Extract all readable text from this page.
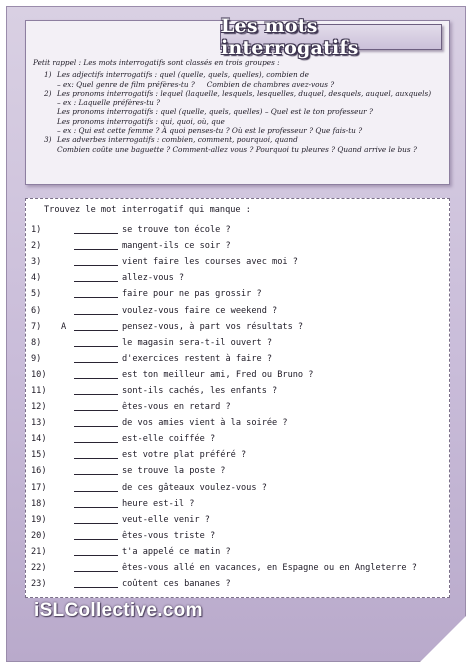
Les mots interrogatifs
Petit rappel : Les mots interrogatifs sont classés en trois groupes :
1) Les adjectifs interrogatifs : quel (quelle, quels, quelles), combien de
– ex: Quel genre de film préfères-tu ? Combien de chambres avez-vous ?
2) Les pronoms interrogatifs : lequel (laquelle, lesquels, lesquelles, duquel, desquels, auquel, auxquels)
– ex : Laquelle préfères-tu ?
Les pronoms interrogatifs : quel (quelle, quels, quelles) – Quel est le ton professeur ?
Les pronoms interrogatifs : qui, quoi, où, que
– ex : Qui est cette femme ? À quoi penses-tu ? Où est le professeur ? Que fais-tu ?
3) Les adverbes interrogatifs : combien, comment, pourquoi, quand
Combien coûte une baguette ? Comment-allez vous ? Pourquoi tu pleures ? Quand arrive le bus ?
Trouvez le mot interrogatif qui manque :
1)	se trouve ton école ?
2)	mangent-ils ce soir ?
3)	vient faire les courses avec moi ?
4)	allez-vous ?
5)	faire pour ne pas grossir ?
6)	voulez-vous faire ce weekend ?
7)	A	pensez-vous, à part vos résultats ?
8)	le magasin sera-t-il ouvert ?
9)	d'exercices restent à faire ?
10)	est ton meilleur ami, Fred ou Bruno ?
11)	sont-ils cachés, les enfants ?
12)	êtes-vous en retard ?
13)	de vos amies vient à la soirée ?
14)	est-elle coiffée ?
15)	est votre plat préféré ?
16)	se trouve la poste ?
17)	de ces gâteaux voulez-vous ?
18)	heure est-il ?
19)	veut-elle venir ?
20)	êtes-vous triste ?
21)	t'a appelé ce matin ?
22)	êtes-vous allé en vacances, en Espagne ou en Angleterre ?
23)	coûtent ces bananes ?
iSLCollective.com
